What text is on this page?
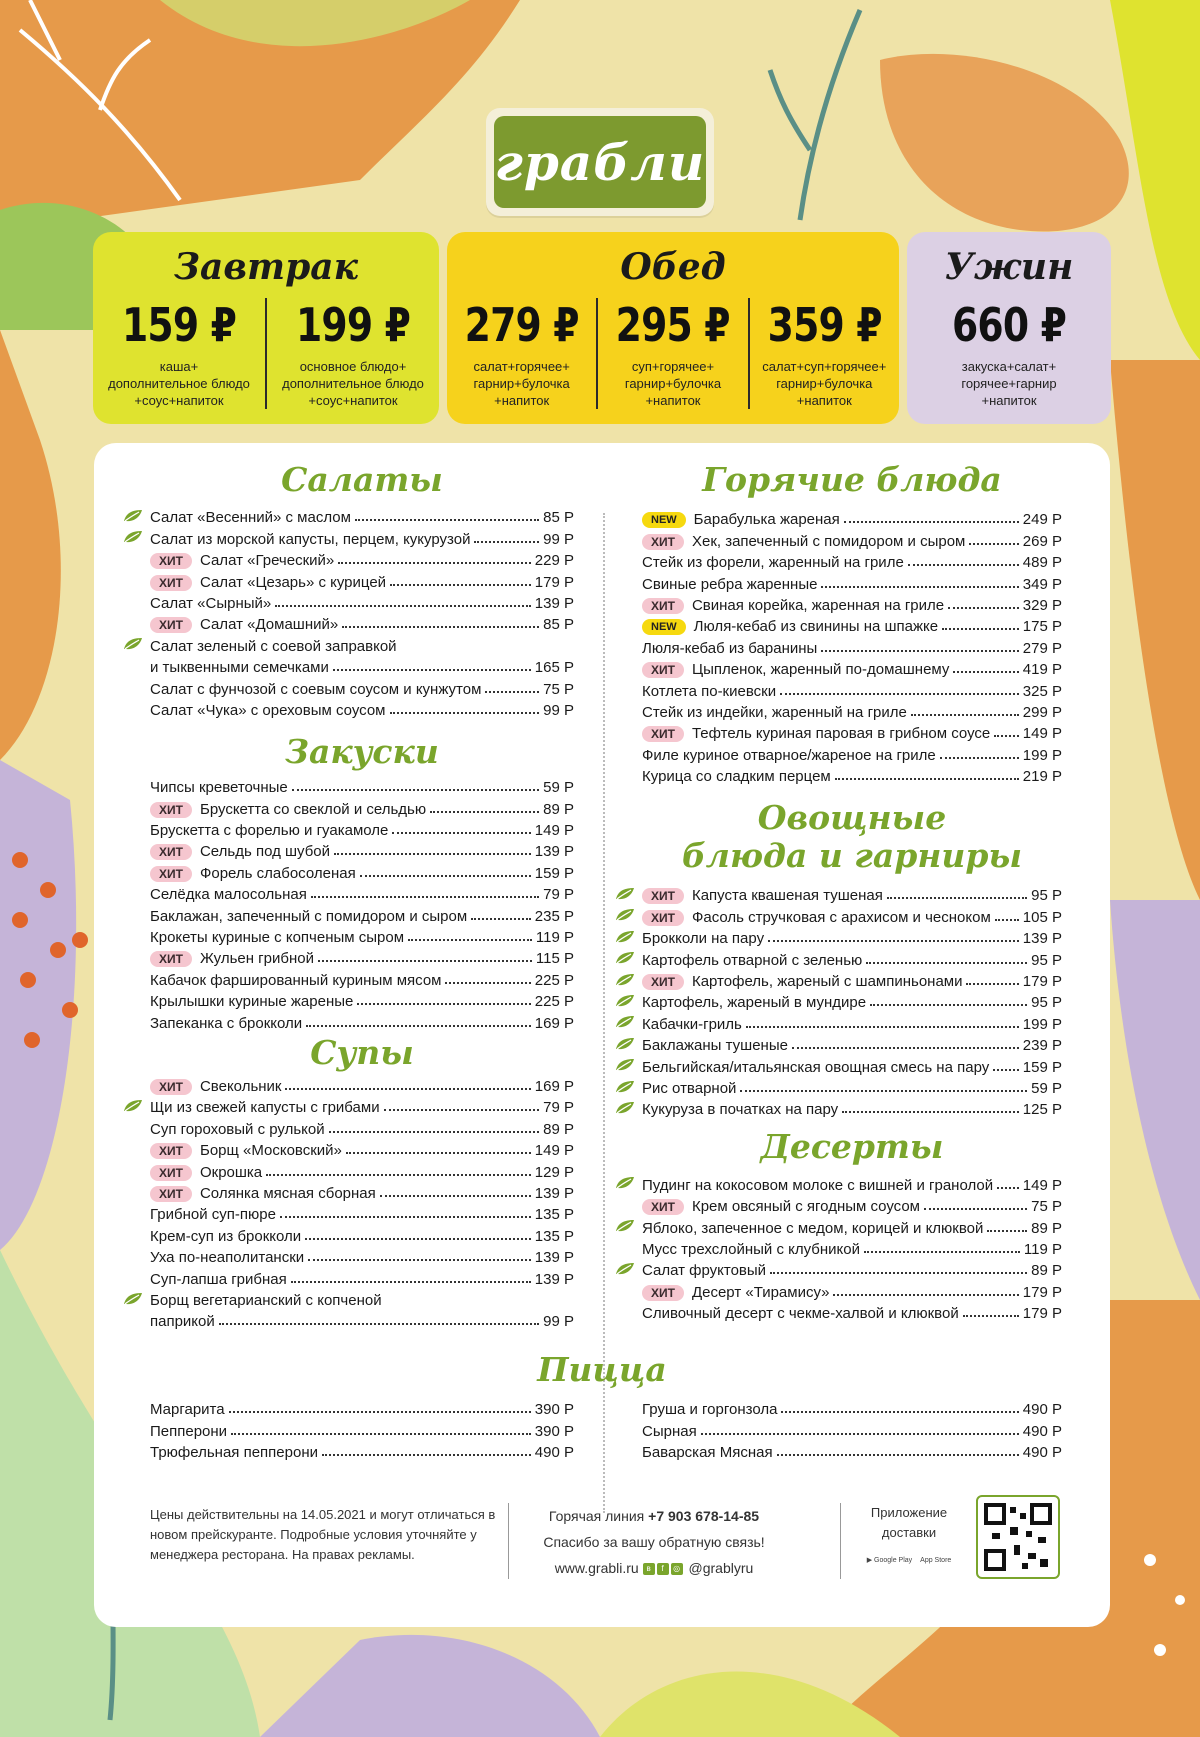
грабли
Завтрак
159 ₽
каша+
дополнительное блюдо
+соус+напиток
199 ₽
основное блюдо+
дополнительное блюдо
+соус+напиток
Обед
279 ₽
салат+горячее+
гарнир+булочка
+напиток
295 ₽
суп+горячее+
гарнир+булочка
+напиток
359 ₽
салат+суп+горячее+
гарнир+булочка
+напиток
Ужин
660 ₽
закуска+салат+
горячее+гарнир
+напиток
Салаты
Салат «Весенний» с маслом	85 Р
Салат из морской капусты, перцем, кукурузой	99 Р
ХИТ	Салат «Греческий»	229 Р
ХИТ	Салат «Цезарь» с курицей	179 Р
Салат «Сырный»	139 Р
ХИТ	Салат «Домашний»	85 Р
Салат зеленый с соевой заправкой
и тыквенными семечками	165 Р
Салат с фунчозой с соевым соусом и кунжутом	75 Р
Салат «Чука» с ореховым соусом	99 Р
Закуски
Чипсы креветочные	59 Р
ХИТ	Брускетта со свеклой и сельдью	89 Р
Брускетта с форелью и гуакамоле	149 Р
ХИТ	Сельдь под шубой	139 Р
ХИТ	Форель слабосоленая	159 Р
Селёдка малосольная	79 Р
Баклажан, запеченный с помидором и сыром	235 Р
Крокеты куриные с копченым сыром	119 Р
ХИТ	Жульен грибной	115 Р
Кабачок фаршированный куриным мясом	225 Р
Крылышки куриные жареные	225 Р
Запеканка с брокколи	169 Р
Супы
ХИТ	Свекольник	169 Р
Щи из свежей капусты с грибами	79 Р
Суп гороховый с рулькой	89 Р
ХИТ	Борщ «Московский»	149 Р
ХИТ	Окрошка	129 Р
ХИТ	Солянка мясная сборная	139 Р
Грибной суп-пюре	135 Р
Крем-суп из брокколи	135 Р
Уха по-неаполитански	139 Р
Суп-лапша грибная	139 Р
Борщ вегетарианский с копченой
паприкой	99 Р
Горячие блюда
NEW	Барабулька жареная	249 Р
ХИТ	Хек, запеченный с помидором и сыром	269 Р
Стейк из форели, жаренный на гриле	489 Р
Свиные ребра жаренные	349 Р
ХИТ	Свиная корейка, жаренная на гриле	329 Р
NEW	Люля-кебаб из свинины на шпажке	175 Р
Люля-кебаб из баранины	279 Р
ХИТ	Цыпленок, жаренный по-домашнему	419 Р
Котлета по-киевски	325 Р
Стейк из индейки, жаренный на гриле	299 Р
ХИТ	Тефтель куриная паровая в грибном соусе 149 Р
Филе куриное отварное/жареное на гриле	199 Р
Курица со сладким перцем	219 Р
Овощные
блюда и гарниры
ХИТ	Капуста квашеная тушеная	95 Р
ХИТ	Фасоль стручковая с арахисом и чесноком 105 Р
Брокколи на пару	139 Р
Картофель отварной с зеленью	95 Р
ХИТ	Картофель, жареный с шампиньонами	179 Р
Картофель, жареный в мундире	95 Р
Кабачки-гриль	199 Р
Баклажаны тушеные	239 Р
Бельгийская/итальянская овощная смесь на пару 159 Р
Рис отварной	59 Р
Кукуруза в початках на пару	125 Р
Десерты
Пудинг на кокосовом молоке с вишней и гранолой 149 Р
ХИТ	Крем овсяный с ягодным соусом	75 Р
Яблоко, запеченное с медом, корицей и клюквой	89 Р
Мусс трехслойный с клубникой	119 Р
Салат фруктовый	89 Р
ХИТ	Десерт «Тирамису»	179 Р
Сливочный десерт с чекме-халвой и клюквой	179 Р
Пицца
Маргарита	390 Р
Пепперони	390 Р
Трюфельная пепперони	490 Р
Груша и горгонзола	490 Р
Сырная	490 Р
Баварская Мясная	490 Р
Цены действительны на 14.05.2021 и могут отличаться в новом прейскуранте. Подробные условия уточняйте у менеджера ресторана. На правах рекламы.
Горячая линия +7 903 678-14-85
Спасибо за вашу обратную связь!
www.grabli.ru в f ◎ @grablyru
Приложение доставки
▶ Google Play App Store
